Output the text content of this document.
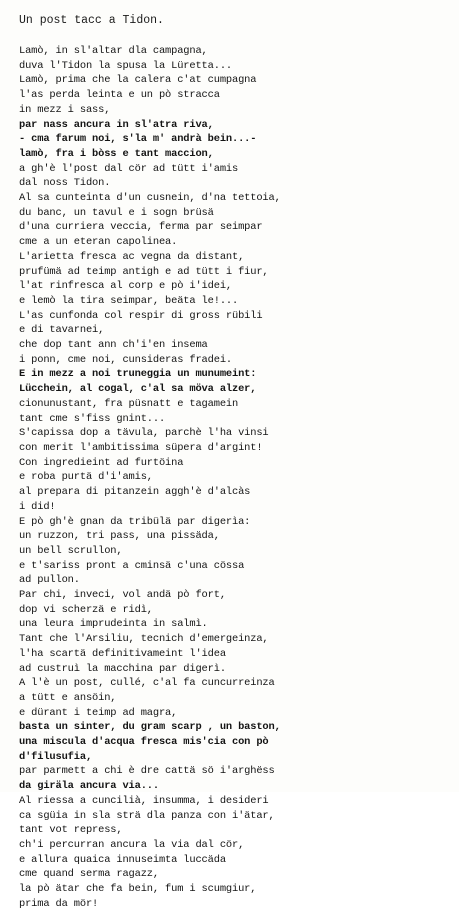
Un post tacc a Tidon.
Lamò, in sl'altar dla campagna,
duva l'Tidon la spusa la Lüretta...
Lamò, prima che la calera c'at cumpagna
l'as perda leinta e un pò stracca
in mezz i sass,
par nass ancura in sl'atra riva,
- cma farum noi, s'la m' andrà bein...-
lamò, fra i bòss e tant maccion,
a gh'è l'post dal cör ad tütt i'amis
dal noss Tidon.
Al sa cunteinta d'un cusnein, d'na tettoia,
du banc, un tavul e i sogn brüsä
d'una curriera veccia, ferma par seimpar
cme a un eteran capolinea.
L'arietta fresca ac vegna da distant,
prufümä ad teimp antigh e ad tütt i fiur,
l'at rinfresca al corp e pò i'idei,
e lemò la tira seimpar, beäta le!...
L'as cunfonda col respir di gross rübili
e di tavarnei,
che dop tant ann ch'i'en insema
i ponn, cme noi, cunsideras fradei.
E in mezz a noi truneggia un munumeint:
Lücchein, al cogal, c'al sa möva alzer,
cionunustant, fra püsnatt e tagamein
tant cme s'fiss gnint...
S'capissa dop a tävula, parchè l'ha vinsi
con merit l'ambitissima süpera d'argint!
Con ingredieint ad furtöina
e roba purtä d'i'amis,
al prepara di pitanzein aggh'è d'alcàs
i did!
E pò gh'è gnan da tribülä par digerìa:
un ruzzon, tri pass, una pissäda,
un bell scrullon,
e t'sariss pront a cminsä c'una cössa
ad pullon.
Par chi, inveci, vol andä pò fort,
dop vi scherzä e ridì,
una leura imprudeinta in salmì.
Tant che l'Arsiliu, tecnich d'emergeinza,
l'ha scartä definitivameint l'idea
ad custruì la macchina par digerì.
A l'è un post, cullé, c'al fa cuncurreinza
a tütt e ansöin,
e dürant i teimp ad magra,
basta un sinter, du gram scarp , un baston,
una miscula d'acqua fresca mis'cia con pò
d'filusufia,
par parmett a chi è dre cattä sö i'arghëss
da giräla ancura via...
Al riessa a cuncilià, insumma, i desideri
ca sgüia in sla strä dla panza con i'ätar,
tant vot repress,
ch'i percurran ancura la via dal cör,
e allura quaica innuseimta luccäda
cme quand serma ragazz,
la pò ätar che fa bein, fum i scumgiur,
prima da mör!
